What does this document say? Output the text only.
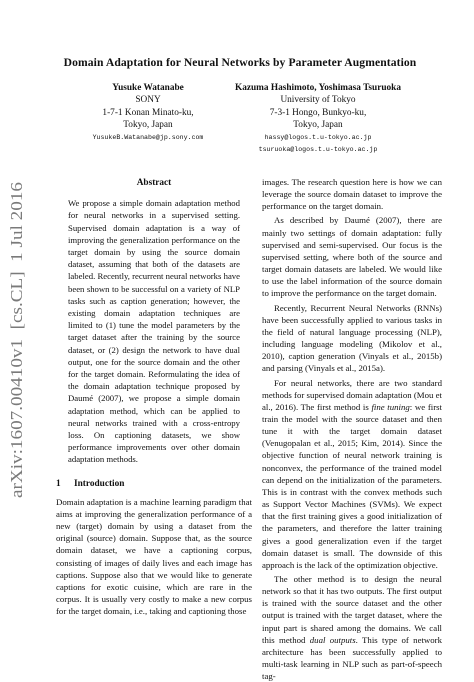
arXiv:1607.00410v1  [cs.CL]  1 Jul 2016
Domain Adaptation for Neural Networks by Parameter Augmentation
Yusuke Watanabe
SONY
1-7-1 Konan Minato-ku,
Tokyo, Japan
YusukeB.Watanabe@jp.sony.com
Kazuma Hashimoto, Yoshimasa Tsuruoka
University of Tokyo
7-3-1 Hongo, Bunkyo-ku,
Tokyo, Japan
hassy@logos.t.u-tokyo.ac.jp
tsuruoka@logos.t.u-tokyo.ac.jp
Abstract

We propose a simple domain adaptation method for neural networks in a supervised setting. Supervised domain adaptation is a way of improving the generalization performance on the target domain by using the source domain dataset, assuming that both of the datasets are labeled. Recently, recurrent neural networks have been shown to be successful on a variety of NLP tasks such as caption generation; however, the existing domain adaptation techniques are limited to (1) tune the model parameters by the target dataset after the training by the source dataset, or (2) design the network to have dual output, one for the source domain and the other for the target domain. Reformulating the idea of the domain adaptation technique proposed by Daumé (2007), we propose a simple domain adaptation method, which can be applied to neural networks trained with a cross-entropy loss. On captioning datasets, we show performance improvements over other domain adaptation methods.

1 Introduction

Domain adaptation is a machine learning paradigm that aims at improving the generalization performance of a new (target) domain by using a dataset from the original (source) domain. Suppose that, as the source domain dataset, we have a captioning corpus, consisting of images of daily lives and each image has captions. Suppose also that we would like to generate captions for exotic cuisine, which are rare in the corpus. It is usually very costly to make a new corpus for the target domain, i.e., taking and captioning those

images. The research question here is how we can leverage the source domain dataset to improve the performance on the target domain.

As described by Daumé (2007), there are mainly two settings of domain adaptation: fully supervised and semi-supervised. Our focus is the supervised setting, where both of the source and target domain datasets are labeled. We would like to use the label information of the source domain to improve the performance on the target domain.

Recently, Recurrent Neural Networks (RNNs) have been successfully applied to various tasks in the field of natural language processing (NLP), including language modeling (Mikolov et al., 2010), caption generation (Vinyals et al., 2015b) and parsing (Vinyals et al., 2015a).

For neural networks, there are two standard methods for supervised domain adaptation (Mou et al., 2016). The first method is fine tuning: we first train the model with the source dataset and then tune it with the target domain dataset (Venugopalan et al., 2015; Kim, 2014). Since the objective function of neural network training is nonconvex, the performance of the trained model can depend on the initialization of the parameters. This is in contrast with the convex methods such as Support Vector Machines (SVMs). We expect that the first training gives a good initialization of the parameters, and therefore the latter training gives a good generalization even if the target domain dataset is small. The downside of this approach is the lack of the optimization objective.

The other method is to design the neural network so that it has two outputs. The first output is trained with the source dataset and the other output is trained with the target dataset, where the input part is shared among the domains. We call this method dual outputs. This type of network architecture has been successfully applied to multi-task learning in NLP such as part-of-speech tag-
